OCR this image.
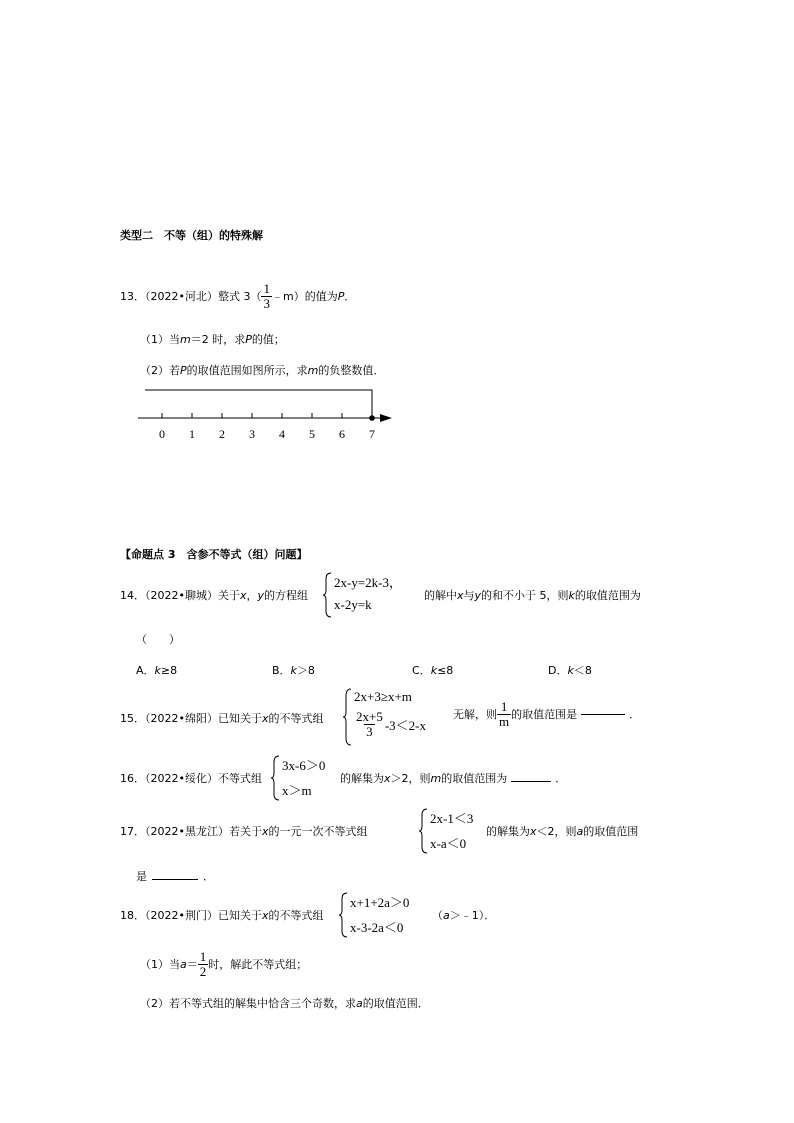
类型二　不等（组）的特殊解
13．（2022•河北）整式 $3( \frac{1}{3}$ ﹣m）的值为 P ．
（1）当m＝2 时，求P的值；
（2）若P的取值范围如图所示，求m的负整数值．
0 1 2 3 4 5 6 7
【命题点 3　含参不等式（组）问题】
14．（2022•聊城）关于x，y的方程组
2x-y=2k-3，
x-2y=k
的解中x与y的和不小于 5，则k的取值范围为
（　　）
A．k≥8	B．k＞8	C．k≤8	D．k＜8
15．（2022•绵阳）已知关于x的不等式组
2x+3≥x+m
$\frac{2x+5}{3} -3<2-x$
无解，则 $\frac{1}{m}$ 的取值范围是	．
16．（2022•绥化）不等式组
3x-6＞0
x＞m
的解集为x＞2，则m的取值范围为	．
17．（2022•黑龙江）若关于x的一元一次不等式组
2x-1＜3
x-a＜0
的解集为x＜2，则a的取值范围
是	．
18．（2022•荆门）已知关于x的不等式组
x+1+2a＞0
x-3-2a＜0
（a＞﹣1）．
（1）当 $a = \frac{1}{2}$ 时，解此不等式组；
（2）若不等式组的解集中恰含三个奇数，求a的取值范围．
